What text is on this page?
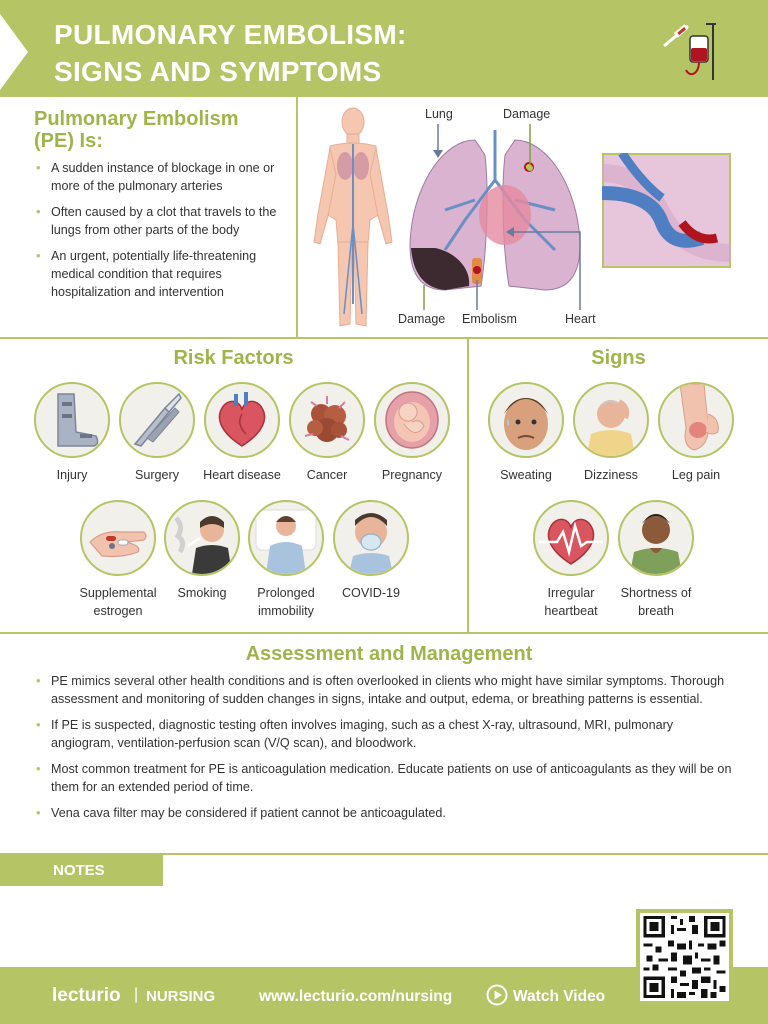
PULMONARY EMBOLISM:
SIGNS AND SYMPTOMS
Pulmonary Embolism
(PE) Is:
• A sudden instance of blockage in one or more of the pulmonary arteries
• Often caused by a clot that travels to the lungs from other parts of the body
• An urgent, potentially life-threatening medical condition that requires hospitalization and intervention
Lung	Damage
Damage Embolism	Heart
Risk Factors
Injury	Surgery	Heart disease	Cancer	Pregnancy
Supplemental estrogen
Smoking	Prolonged immobility
COVID-19
Signs
Sweating	Dizziness	Leg pain
Irregular heartbeat
Shortness of breath
Assessment and Management
• PE mimics several other health conditions and is often overlooked in clients who might have similar symptoms. Thorough assessment and monitoring of sudden changes in signs, intake and output, edema, or breathing patterns is essential.
• If PE is suspected, diagnostic testing often involves imaging, such as a chest X-ray, ultrasound, MRI, pulmonary angiogram, ventilation-perfusion scan (V/Q scan), and bloodwork.
• Most common treatment for PE is anticoagulation medication. Educate patients on use of anticoagulants as they will be on them for an extended period of time.
• Vena cava filter may be considered if patient cannot be anticoagulated.
NOTES
lecturio | NURSING	www.lecturio.com/nursing	Watch Video
